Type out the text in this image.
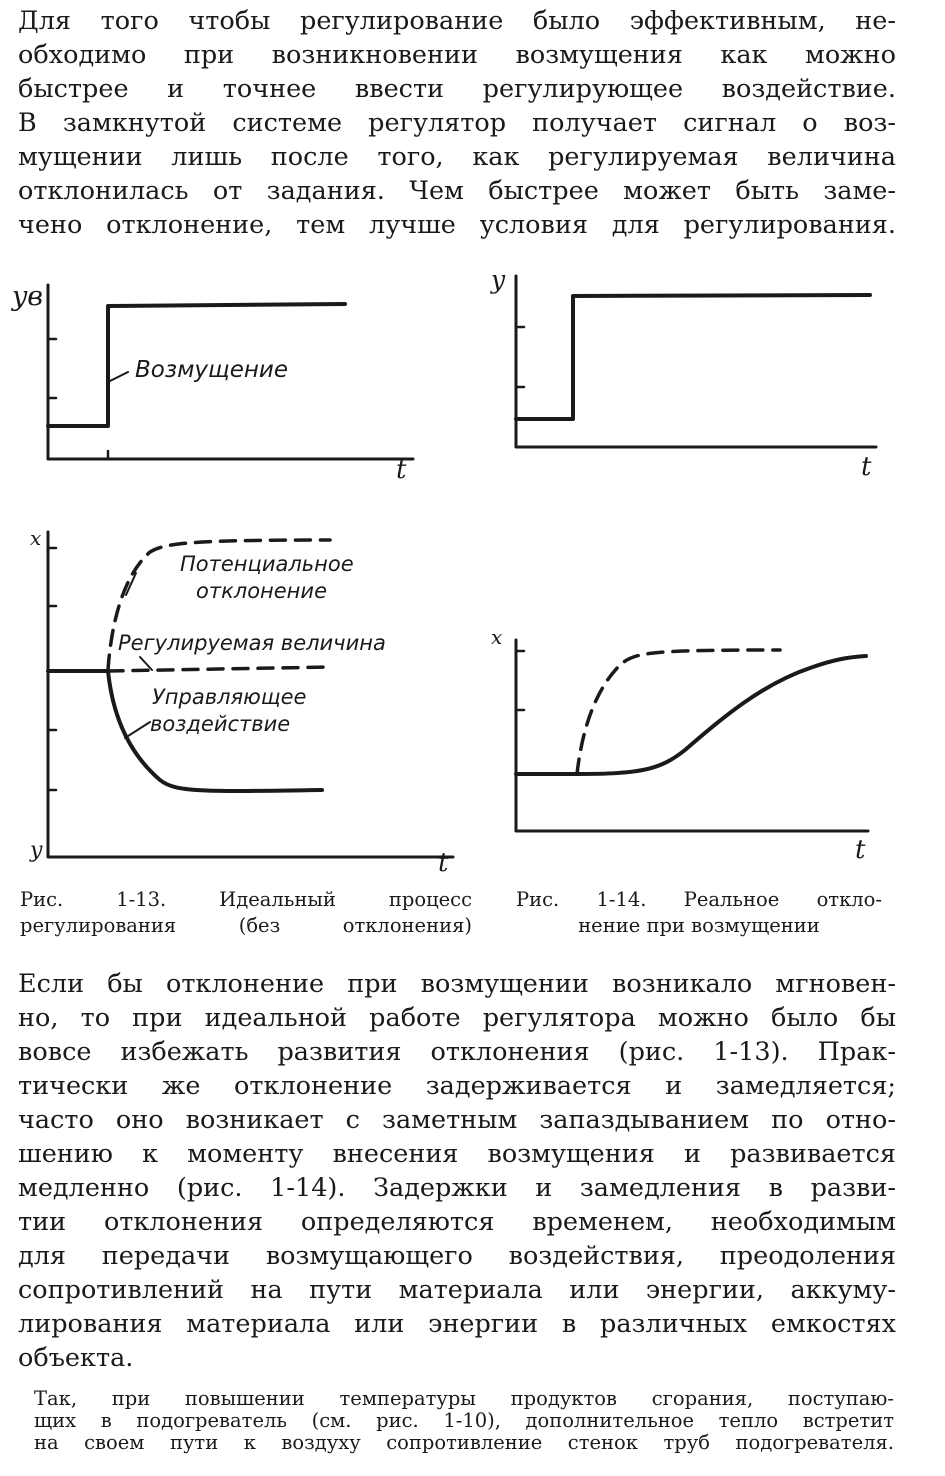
Для того чтобы регулирование было эффективным, не-
обходимо при возникновении возмущения как можно
быстрее и точнее ввести регулирующее воздействие.
В замкнутой системе регулятор получает сигнал о воз-
мущении лишь после того, как регулируемая величина
отклонилась от задания. Чем быстрее может быть заме-
чено отклонение, тем лучше условия для регулирования.
yв
t
y
t
x
y	t
x
t
Возмущение
Потенциальное
отклонение
Регулируемая величина
Управляющее
воздействие
Рис. 1-13. Идеальный процесс
регулирования (без отклонения)
Рис. 1-14. Реальное откло-
нение при возмущении
Если бы отклонение при возмущении возникало мгновен-
но, то при идеальной работе регулятора можно было бы
вовсе избежать развития отклонения (рис. 1-13). Прак-
тически же отклонение задерживается и замедляется;
часто оно возникает с заметным запаздыванием по отно-
шению к моменту внесения возмущения и развивается
медленно (рис. 1-14). Задержки и замедления в разви-
тии отклонения определяются временем, необходимым
для передачи возмущающего воздействия, преодоления
сопротивлений на пути материала или энергии, аккуму-
лирования материала или энергии в различных емкостях
объекта.
Так, при повышении температуры продуктов сгорания, поступаю-
щих в подогреватель (см. рис. 1-10), дополнительное тепло встретит
на своем пути к воздуху сопротивление стенок труб подогревателя.
